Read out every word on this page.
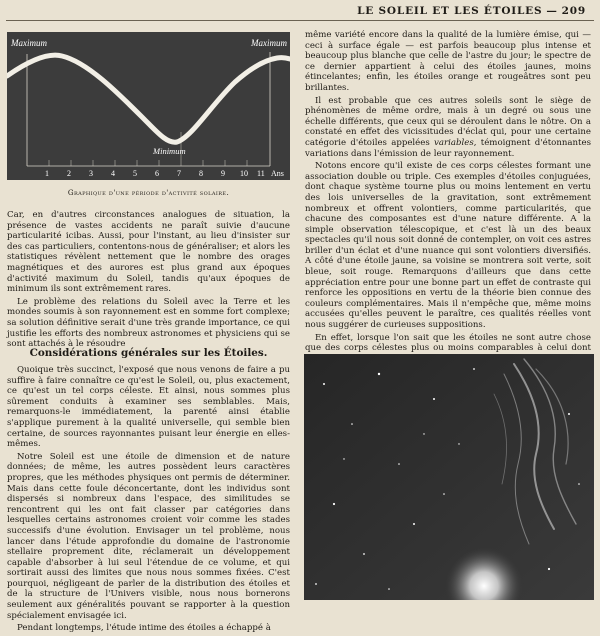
LE SOLEIL ET LES ÉTOILES — 209
Maximum	Maximum
Minimum
1 2 3 4 5 6 7 8 9 10 11 Ans
Graphique d'une période d'activité solaire.

Car, en d'autres circonstances analogues de situation, la présence de vastes accidents ne paraît suivie d'aucune particularité icibas. Aussi, pour l'instant, au lieu d'insister sur des cas particuliers, contentons-nous de généraliser; et alors les statistiques révèlent nettement que le nombre des orages magnétiques et des aurores est plus grand aux époques d'activité maximum du Soleil, tandis qu'aux époques de minimum ils sont extrêmement rares.

Le problème des relations du Soleil avec la Terre et les mondes soumis à son rayonnement est en somme fort complexe; sa solution définitive serait d'une très grande importance, ce qui justifie les efforts des nombreux astronomes et physiciens qui se sont attachés à le résoudre

Considérations générales sur les Étoiles.

Quoique très succinct, l'exposé que nous venons de faire a pu suffire à faire connaître ce qu'est le Soleil, ou, plus exactement, ce qu'est un tel corps céleste. Et ainsi, nous sommes plus sûrement conduits à examiner ses semblables. Mais, remarquons-le immédiatement, la parenté ainsi établie s'applique purement à la qualité universelle, qui semble bien certaine, de sources rayonnantes puisant leur énergie en elles-mêmes.

Notre Soleil est une étoile de dimension et de nature données; de même, les autres possèdent leurs caractères propres, que les méthodes physiques ont permis de déterminer. Mais dans cette foule déconcertante, dont les individus sont dispersés si nombreux dans l'espace, des similitudes se rencontrent qui les ont fait classer par catégories dans lesquelles certains astronomes croient voir comme les stades successifs d'une évolution. Envisager un tel problème, nous lancer dans l'étude approfondie du domaine de l'astronomie stellaire proprement dite, réclamerait un développement capable d'absorber à lui seul l'étendue de ce volume, et qui sortirait aussi des limites que nous nous sommes fixées. C'est pourquoi, négligeant de parler de la distribution des étoiles et de la structure de l'Univers visible, nous nous bornerons seulement aux généralités pouvant se rapporter à la question spécialement envisagée ici.

Pendant longtemps, l'étude intime des étoiles a échappé à

même variété encore dans la qualité de la lumière émise, qui — ceci à surface égale — est parfois beaucoup plus intense et beaucoup plus blanche que celle de l'astre du jour; le spectre de ce dernier appartient à celui des étoiles jaunes, moins étincelantes; enfin, les étoiles orange et rougeâtres sont peu brillantes.

Il est probable que ces autres soleils sont le siège de phénomènes de même ordre, mais à un degré ou sous une échelle différents, que ceux qui se déroulent dans le nôtre. On a constaté en effet des vicissitudes d'éclat qui, pour une certaine catégorie d'étoiles appelées variables, témoignent d'étonnantes variations dans l'émission de leur rayonnement.

Notons encore qu'il existe de ces corps célestes formant une association double ou triple. Ces exemples d'étoiles conjuguées, dont chaque système tourne plus ou moins lentement en vertu des lois universelles de la gravitation, sont extrêmement nombreux et offrent volontiers, comme particularités, que chacune des composantes est d'une nature différente. A la simple observation télescopique, et c'est là un des beaux spectacles qu'il nous soit donné de contempler, on voit ces astres briller d'un éclat et d'une nuance qui sont volontiers diversifiés. A côté d'une étoile jaune, sa voisine se montrera soit verte, soit bleue, soit rouge. Remarquons d'ailleurs que dans cette appréciation entre pour une bonne part un effet de contraste qui renforce les oppositions en vertu de la théorie bien connue des couleurs complémentaires. Mais il n'empêche que, même moins accusées qu'elles peuvent le paraître, ces qualités réelles vont nous suggérer de curieuses suppositions.

En effet, lorsque l'on sait que les étoiles ne sont autre chose que des corps célestes plus ou moins comparables à celui dont
